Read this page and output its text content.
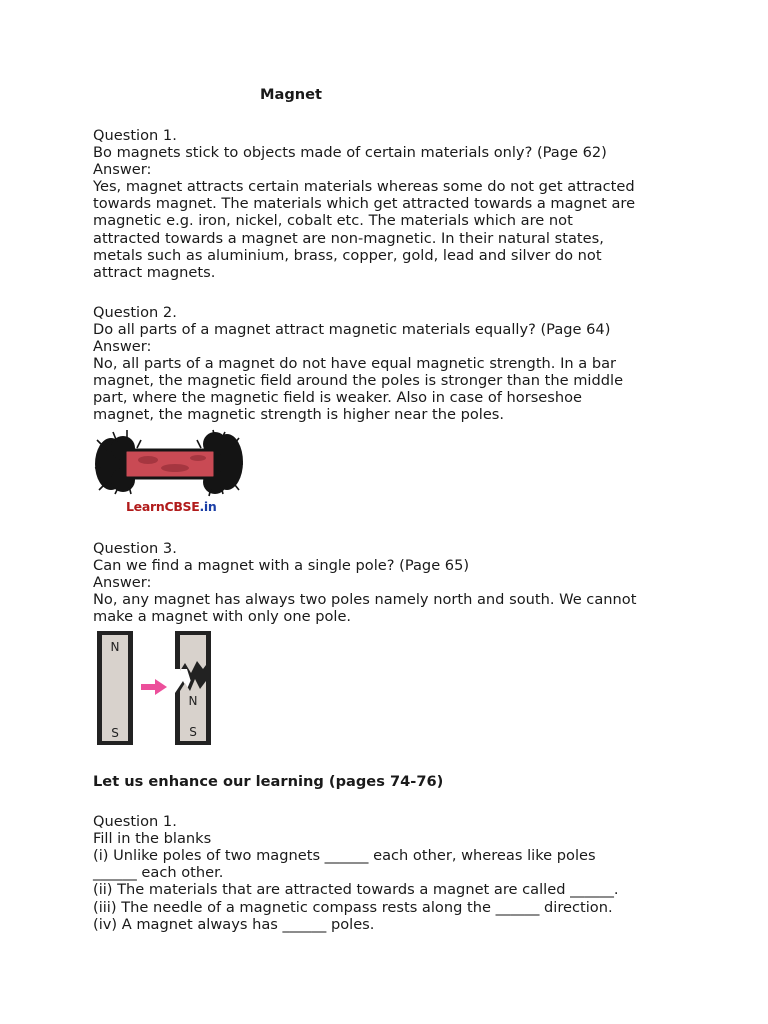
Magnet

Question 1.

Bo magnets stick to objects made of certain materials only? (Page 62)

Answer:

Yes, magnet attracts certain materials whereas some do not get attracted

towards magnet. The materials which get attracted towards a magnet are

magnetic e.g. iron, nickel, cobalt etc. The materials which are not

attracted towards a magnet are non-magnetic. In their natural states,

metals such as aluminium, brass, copper, gold, lead and silver do not

attract magnets.

Question 2.

Do all parts of a magnet attract magnetic materials equally? (Page 64)

Answer:

No, all parts of a magnet do not have equal magnetic strength. In a bar

magnet, the magnetic field around the poles is stronger than the middle

part, where the magnetic field is weaker. Also in case of horseshoe

magnet, the magnetic strength is higher near the poles.

LearnCBSE.in

Question 3.

Can we find a magnet with a single pole? (Page 65)

Answer:

No, any magnet has always two poles namely north and south. We cannot

make a magnet with only one pole.

N
S
N
S

Let us enhance our learning (pages 74-76)

Question 1.

Fill in the blanks

(i) Unlike poles of two magnets ______ each other, whereas like poles

______ each other.

(ii) The materials that are attracted towards a magnet are called ______.

(iii) The needle of a magnetic compass rests along the ______ direction.

(iv) A magnet always has ______ poles.
